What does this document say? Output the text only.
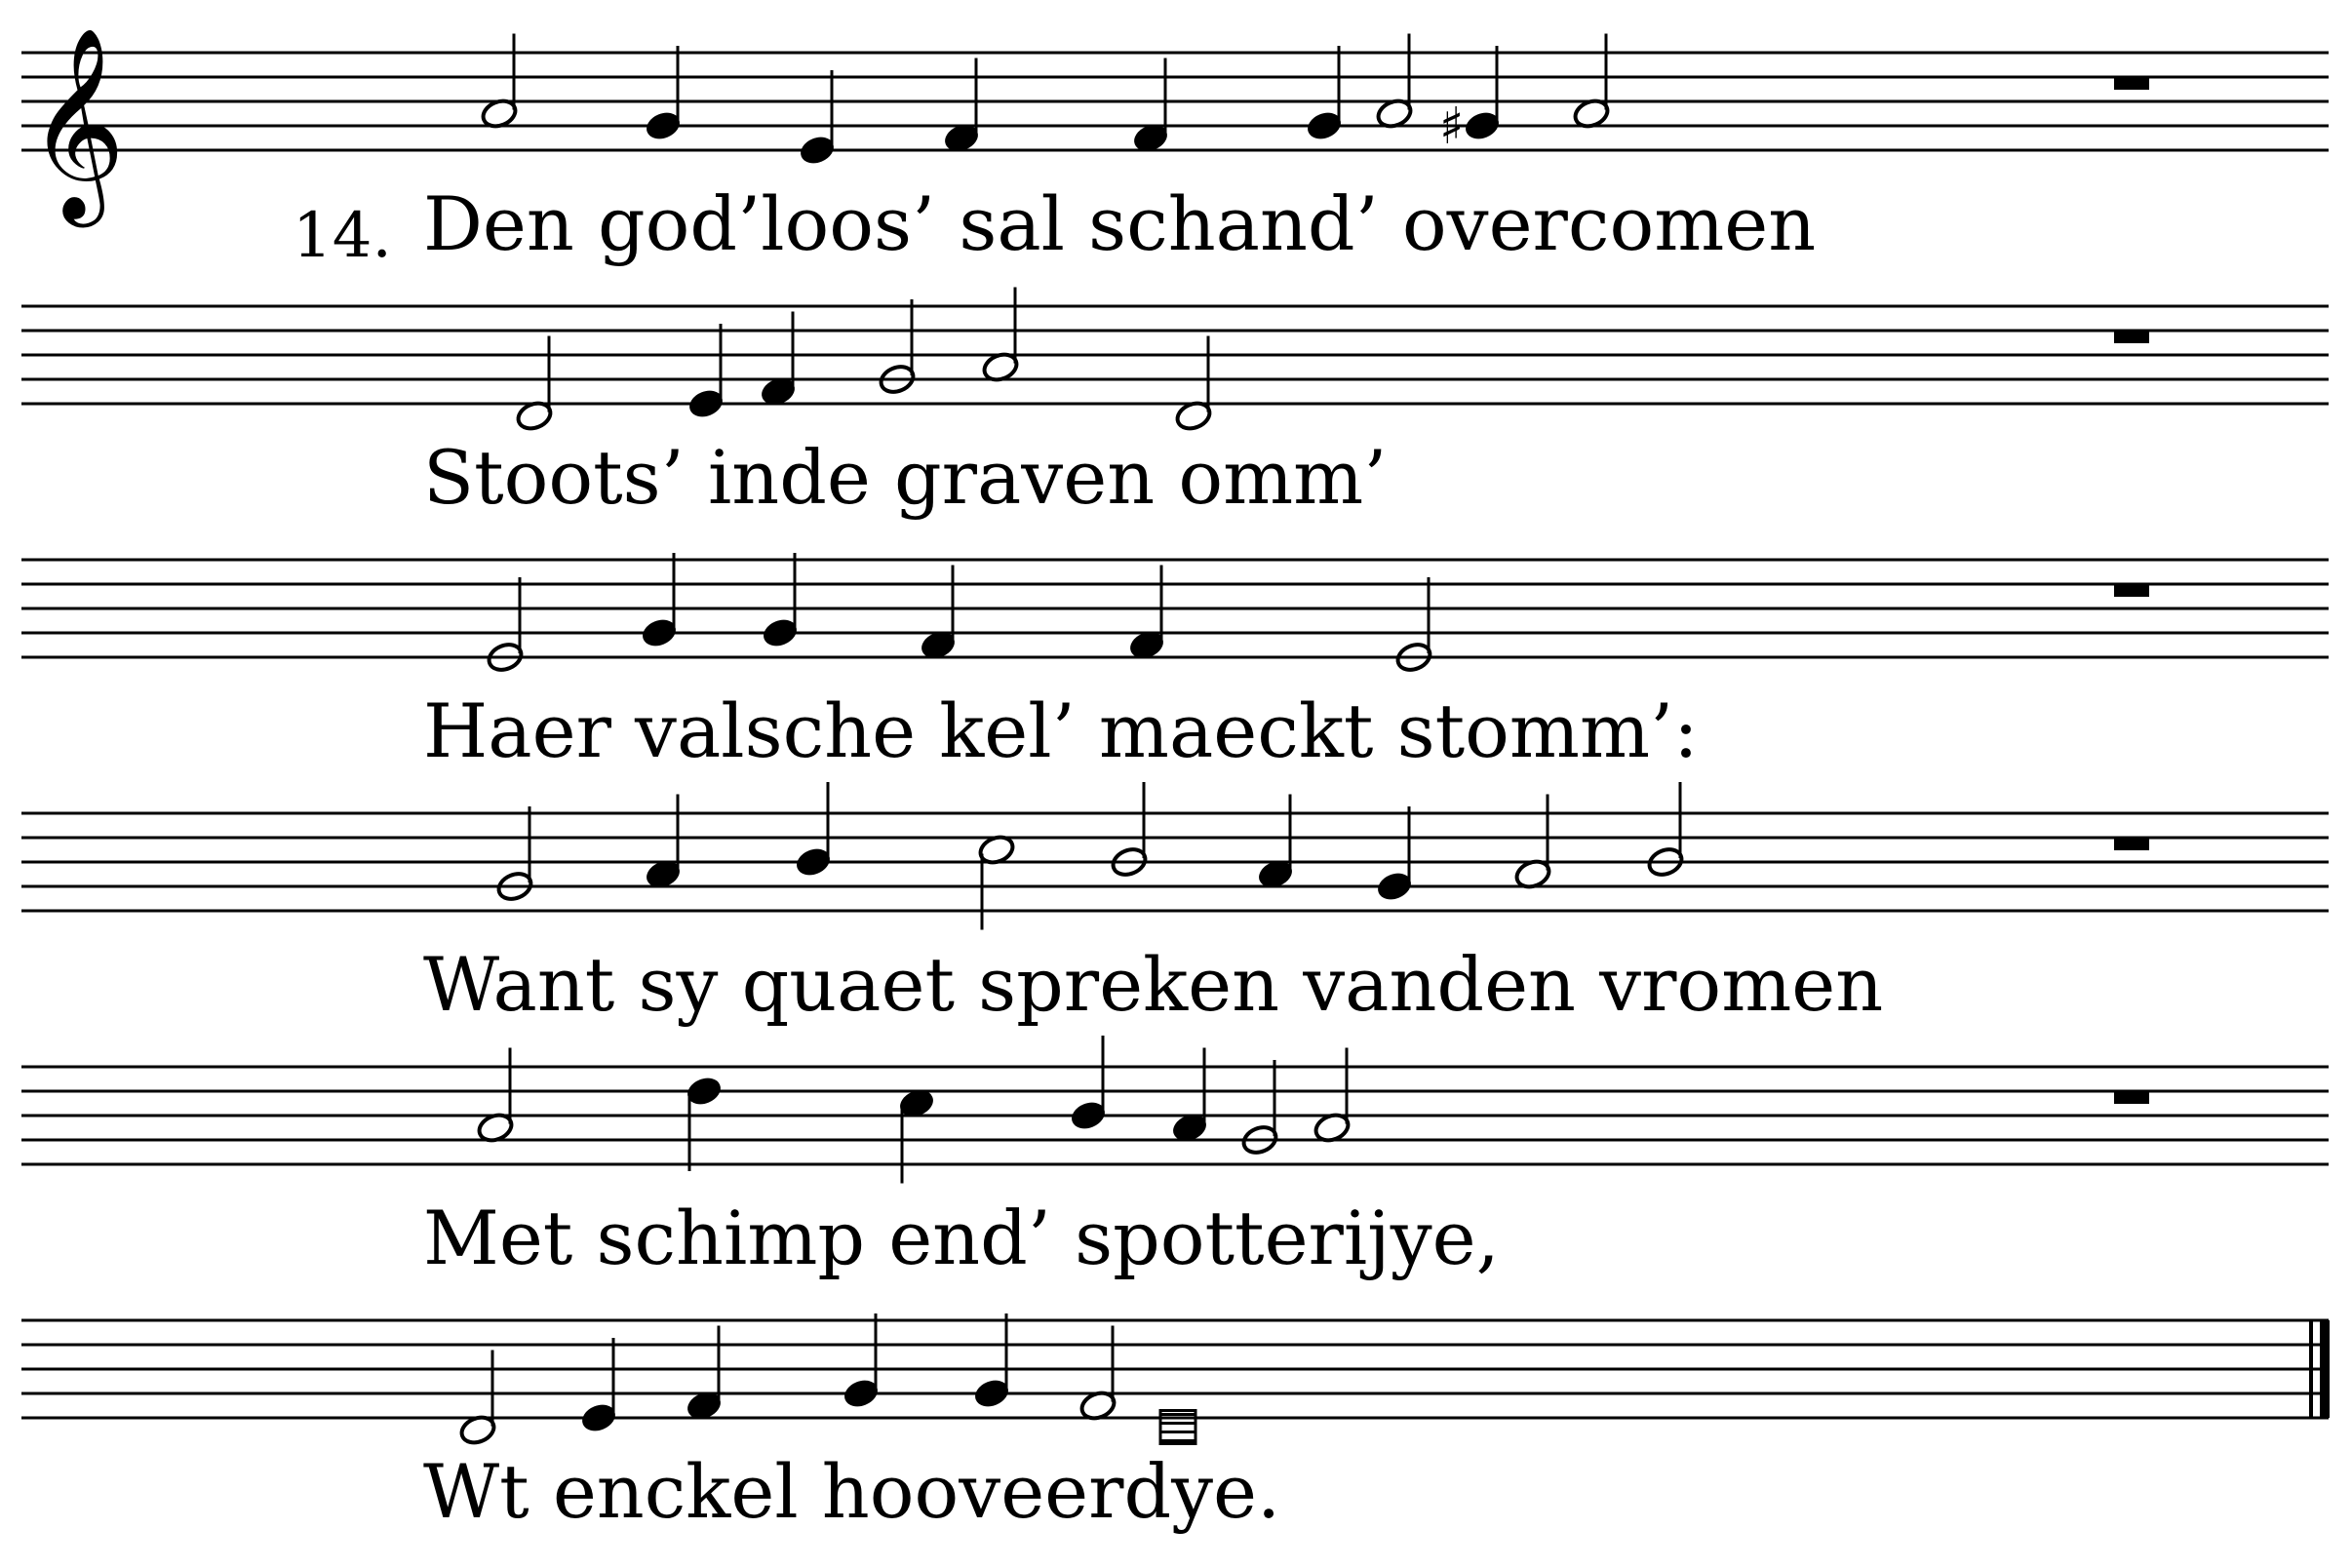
𝄞	♯
14. Den god’loos’ sal schand’ overcomen
Stoots’ inde graven omm’
Haer valsche kel’ maeckt stomm’:
Want sy quaet spreken vanden vromen
Met schimp end’ spotterijye,
Wt enckel hooveerdye.
